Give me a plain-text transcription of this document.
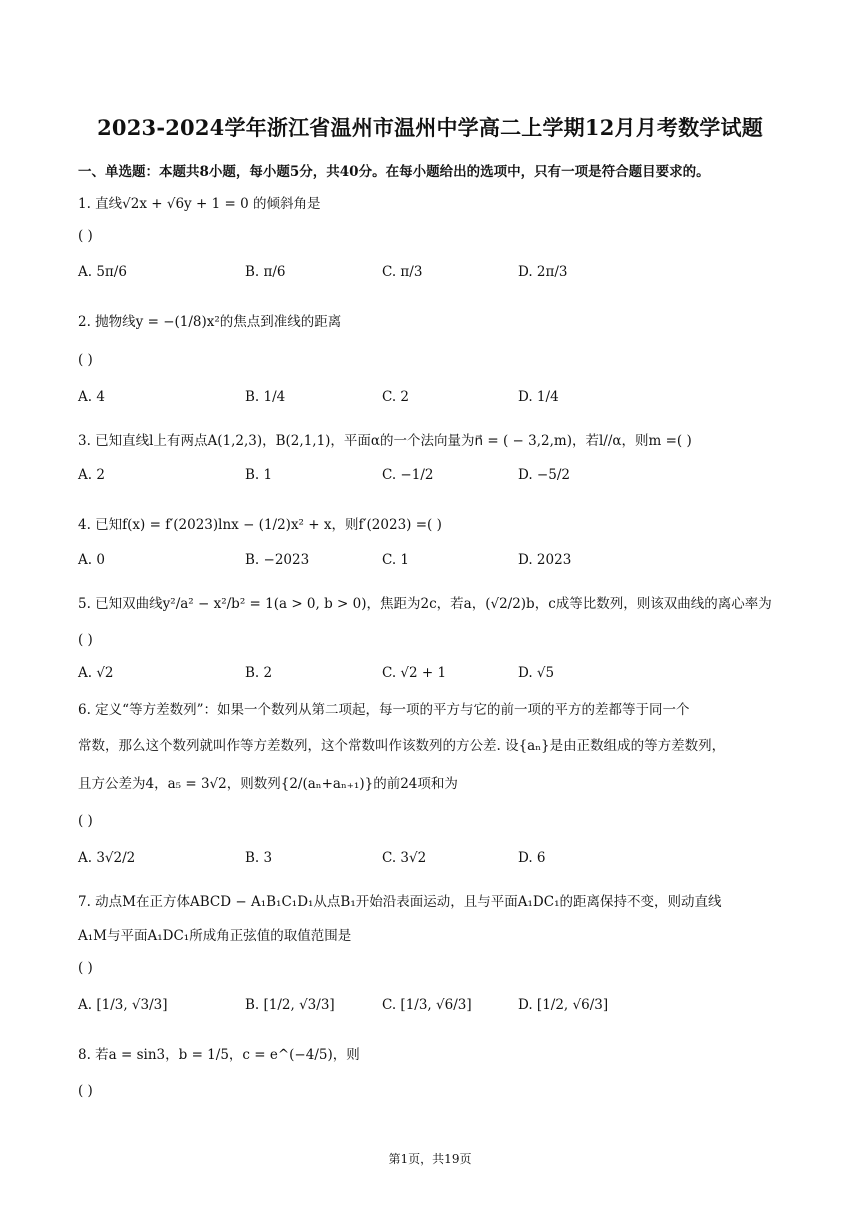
2023-2024学年浙江省温州市温州中学高二上学期12月月考数学试题
一、单选题：本题共8小题，每小题5分，共40分。在每小题给出的选项中，只有一项是符合题目要求的。
1. 直线√2x + √6y + 1 = 0 的倾斜角是
( )
A. 5π/6	B. π/6	C. π/3	D. 2π/3
2. 抛物线y = −(1/8)x²的焦点到准线的距离
( )
A. 4	B. 1/4	C. 2	D. 1/4
3. 已知直线l上有两点A(1,2,3)，B(2,1,1)，平面α的一个法向量为n⃗ = ( − 3,2,m)，若l//α，则m =( )
A. 2	B. 1	C. −1/2	D. −5/2
4. 已知f(x) = f′(2023)lnx − (1/2)x² + x，则f′(2023) =( )
A. 0	B. −2023	C. 1	D. 2023
5. 已知双曲线y²/a² − x²/b² = 1(a > 0, b > 0)，焦距为2c，若a，(√2/2)b，c成等比数列，则该双曲线的离心率为
( )
A. √2	B. 2	C. √2 + 1	D. √5
6. 定义“等方差数列”：如果一个数列从第二项起，每一项的平方与它的前一项的平方的差都等于同一个
常数，那么这个数列就叫作等方差数列，这个常数叫作该数列的方公差. 设{aₙ}是由正数组成的等方差数列，
且方公差为4，a₅ = 3√2，则数列{2/(aₙ+aₙ₊₁)}的前24项和为
( )
A. 3√2/2	B. 3	C. 3√2	D. 6
7. 动点M在正方体ABCD − A₁B₁C₁D₁从点B₁开始沿表面运动，且与平面A₁DC₁的距离保持不变，则动直线
A₁M与平面A₁DC₁所成角正弦值的取值范围是
( )
A. [1/3, √3/3]	B. [1/2, √3/3]	C. [1/3, √6/3]	D. [1/2, √6/3]
8. 若a = sin3，b = 1/5，c = e^(−4/5)，则
( )
第1页，共19页
